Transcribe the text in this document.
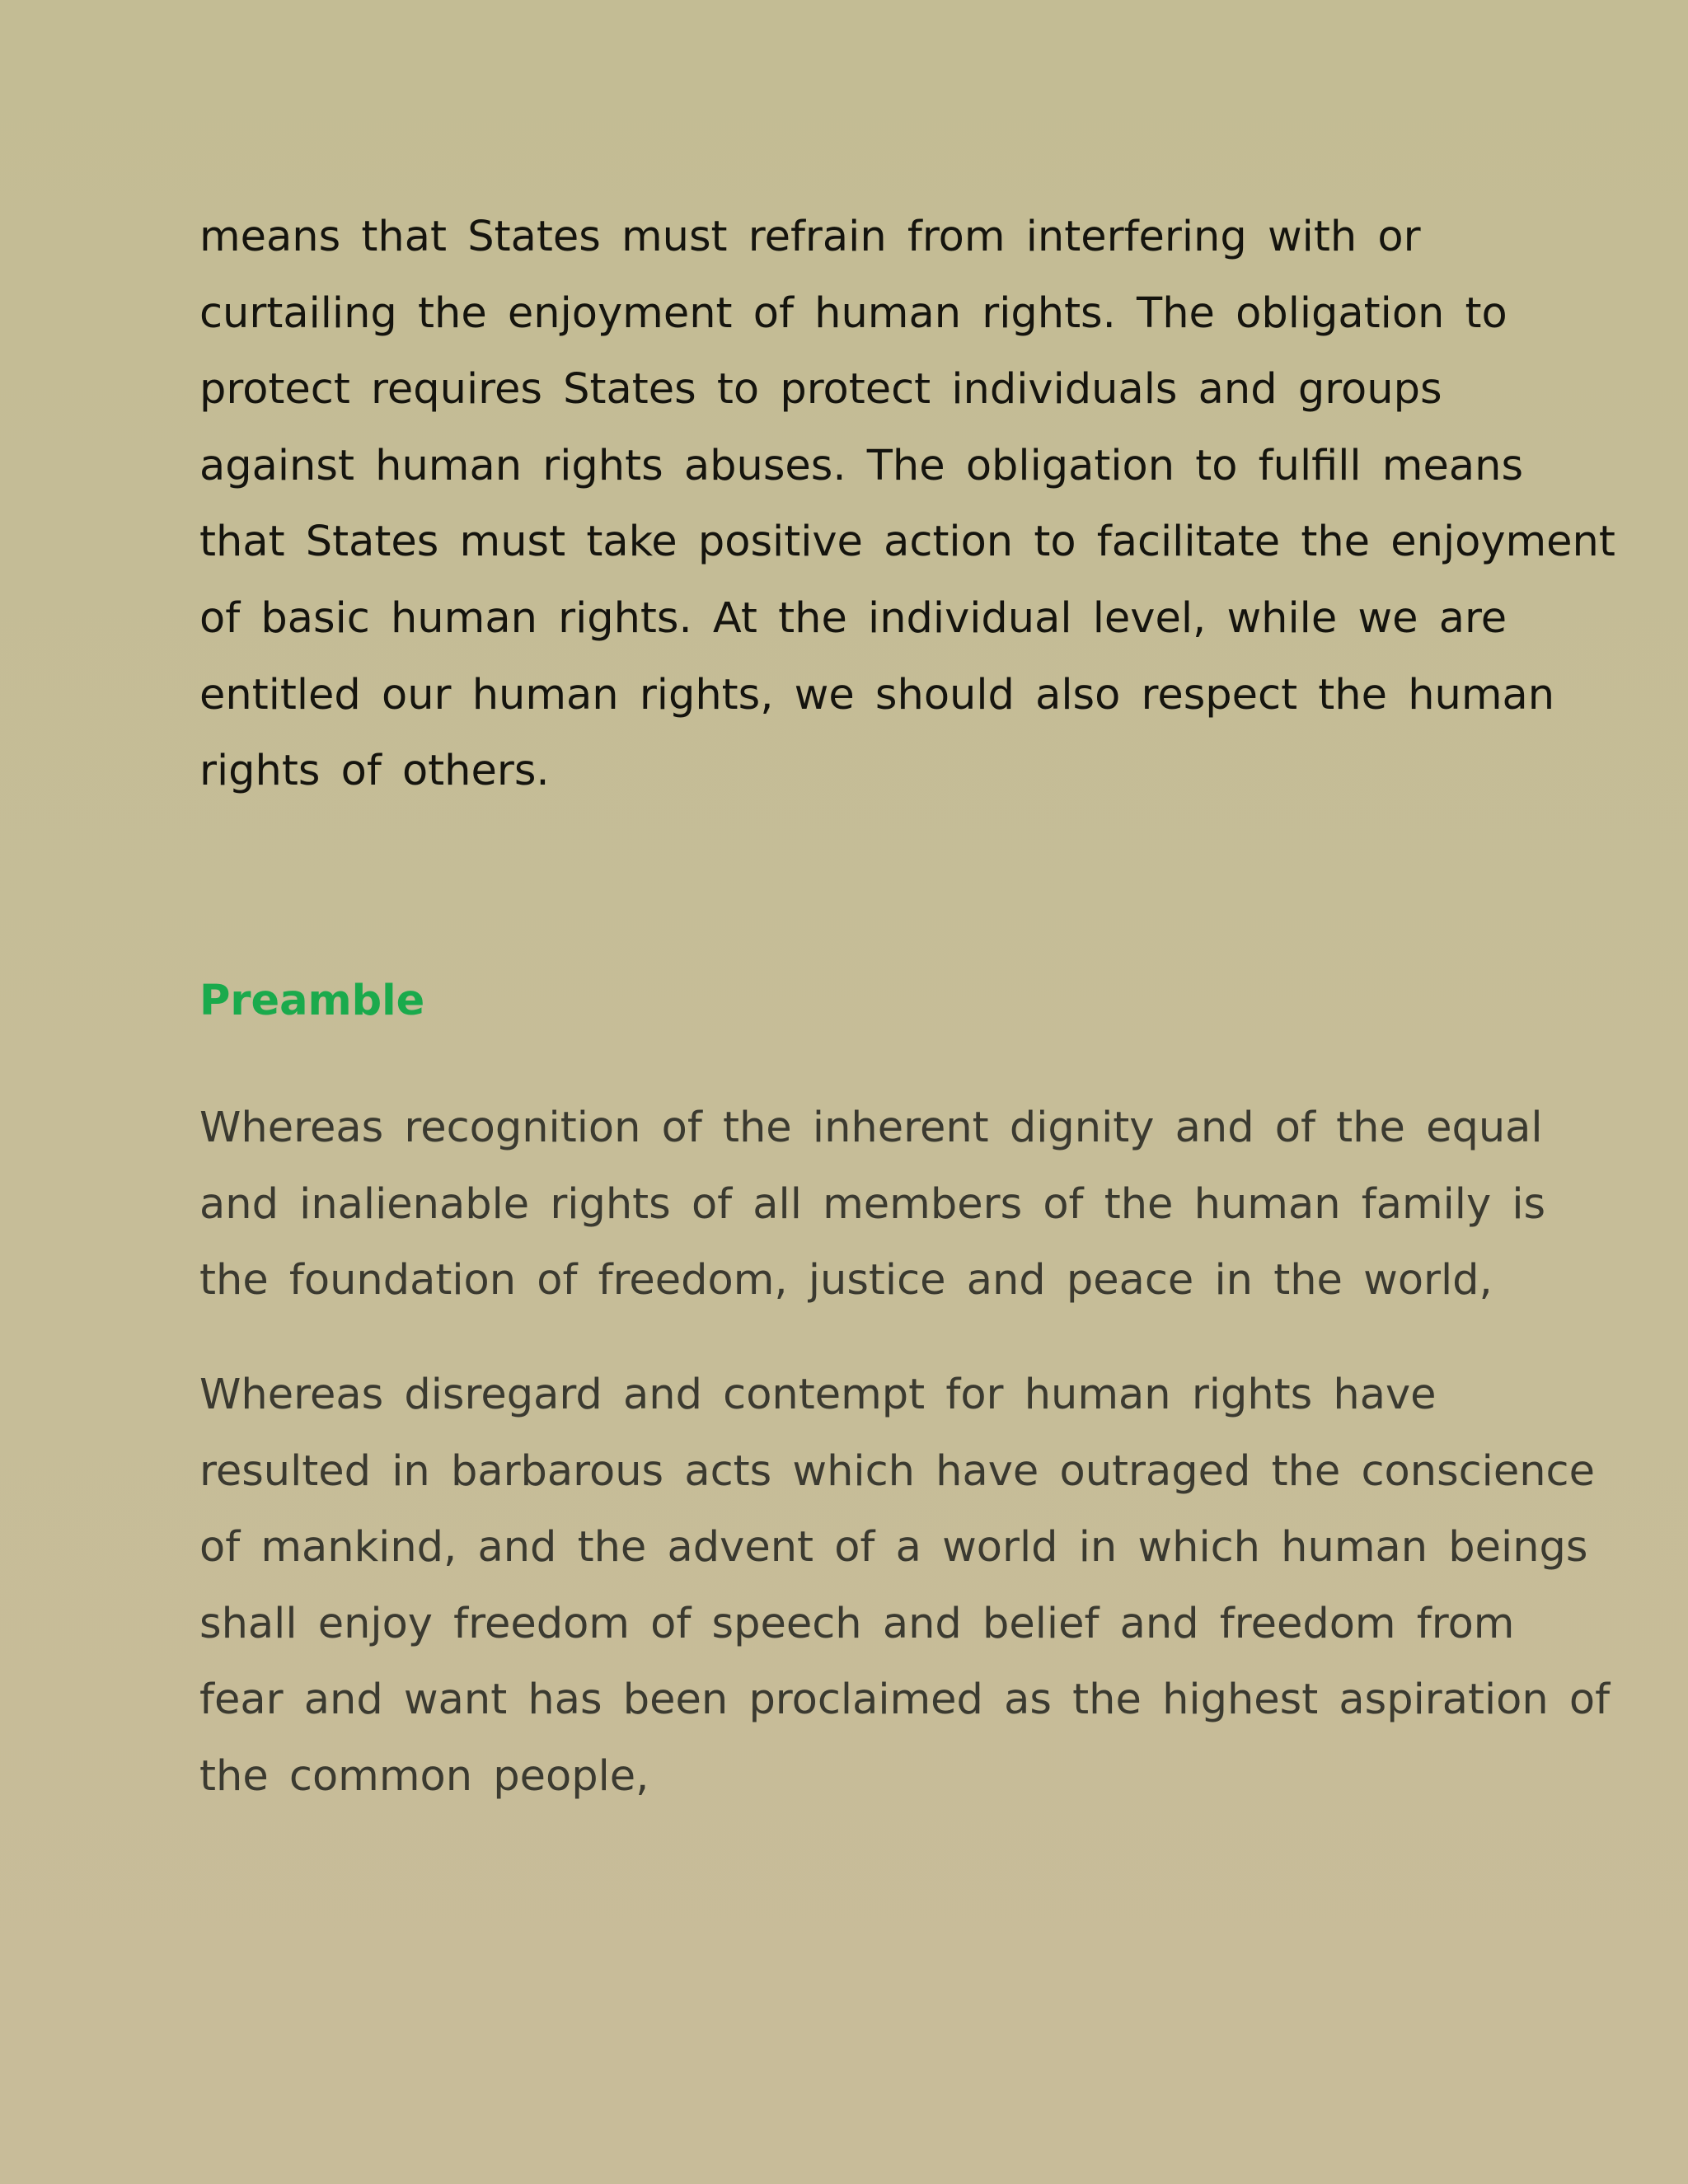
means that States must refrain from interfering with or

curtailing the enjoyment of human rights. The obligation to

protect requires States to protect individuals and groups

against human rights abuses. The obligation to fulfill means

that States must take positive action to facilitate the enjoyment

of basic human rights. At the individual level, while we are

entitled our human rights, we should also respect the human

rights of others.

Preamble

Whereas recognition of the inherent dignity and of the equal

and inalienable rights of all members of the human family is

the foundation of freedom, justice and peace in the world,

Whereas disregard and contempt for human rights have

resulted in barbarous acts which have outraged the conscience

of mankind, and the advent of a world in which human beings

shall enjoy freedom of speech and belief and freedom from

fear and want has been proclaimed as the highest aspiration of

the common people,
